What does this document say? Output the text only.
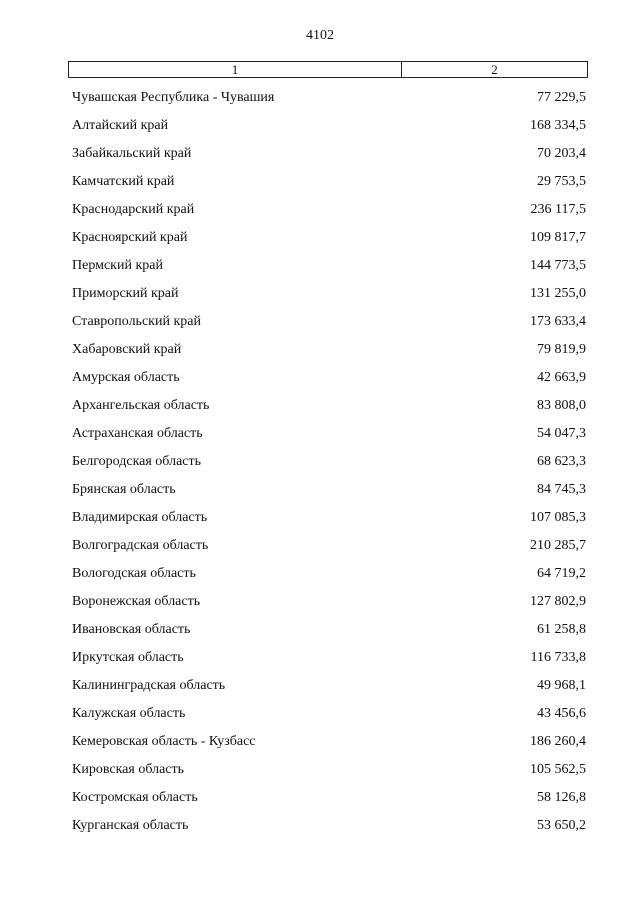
4102
1	2
Чувашская Республика - Чувашия	77 229,5
Алтайский край	168 334,5
Забайкальский край	70 203,4
Камчатский край	29 753,5
Краснодарский край	236 117,5
Красноярский край	109 817,7
Пермский край	144 773,5
Приморский край	131 255,0
Ставропольский край	173 633,4
Хабаровский край	79 819,9
Амурская область	42 663,9
Архангельская область	83 808,0
Астраханская область	54 047,3
Белгородская область	68 623,3
Брянская область	84 745,3
Владимирская область	107 085,3
Волгоградская область	210 285,7
Вологодская область	64 719,2
Воронежская область	127 802,9
Ивановская область	61 258,8
Иркутская область	116 733,8
Калининградская область	49 968,1
Калужская область	43 456,6
Кемеровская область - Кузбасс	186 260,4
Кировская область	105 562,5
Костромская область	58 126,8
Курганская область	53 650,2
